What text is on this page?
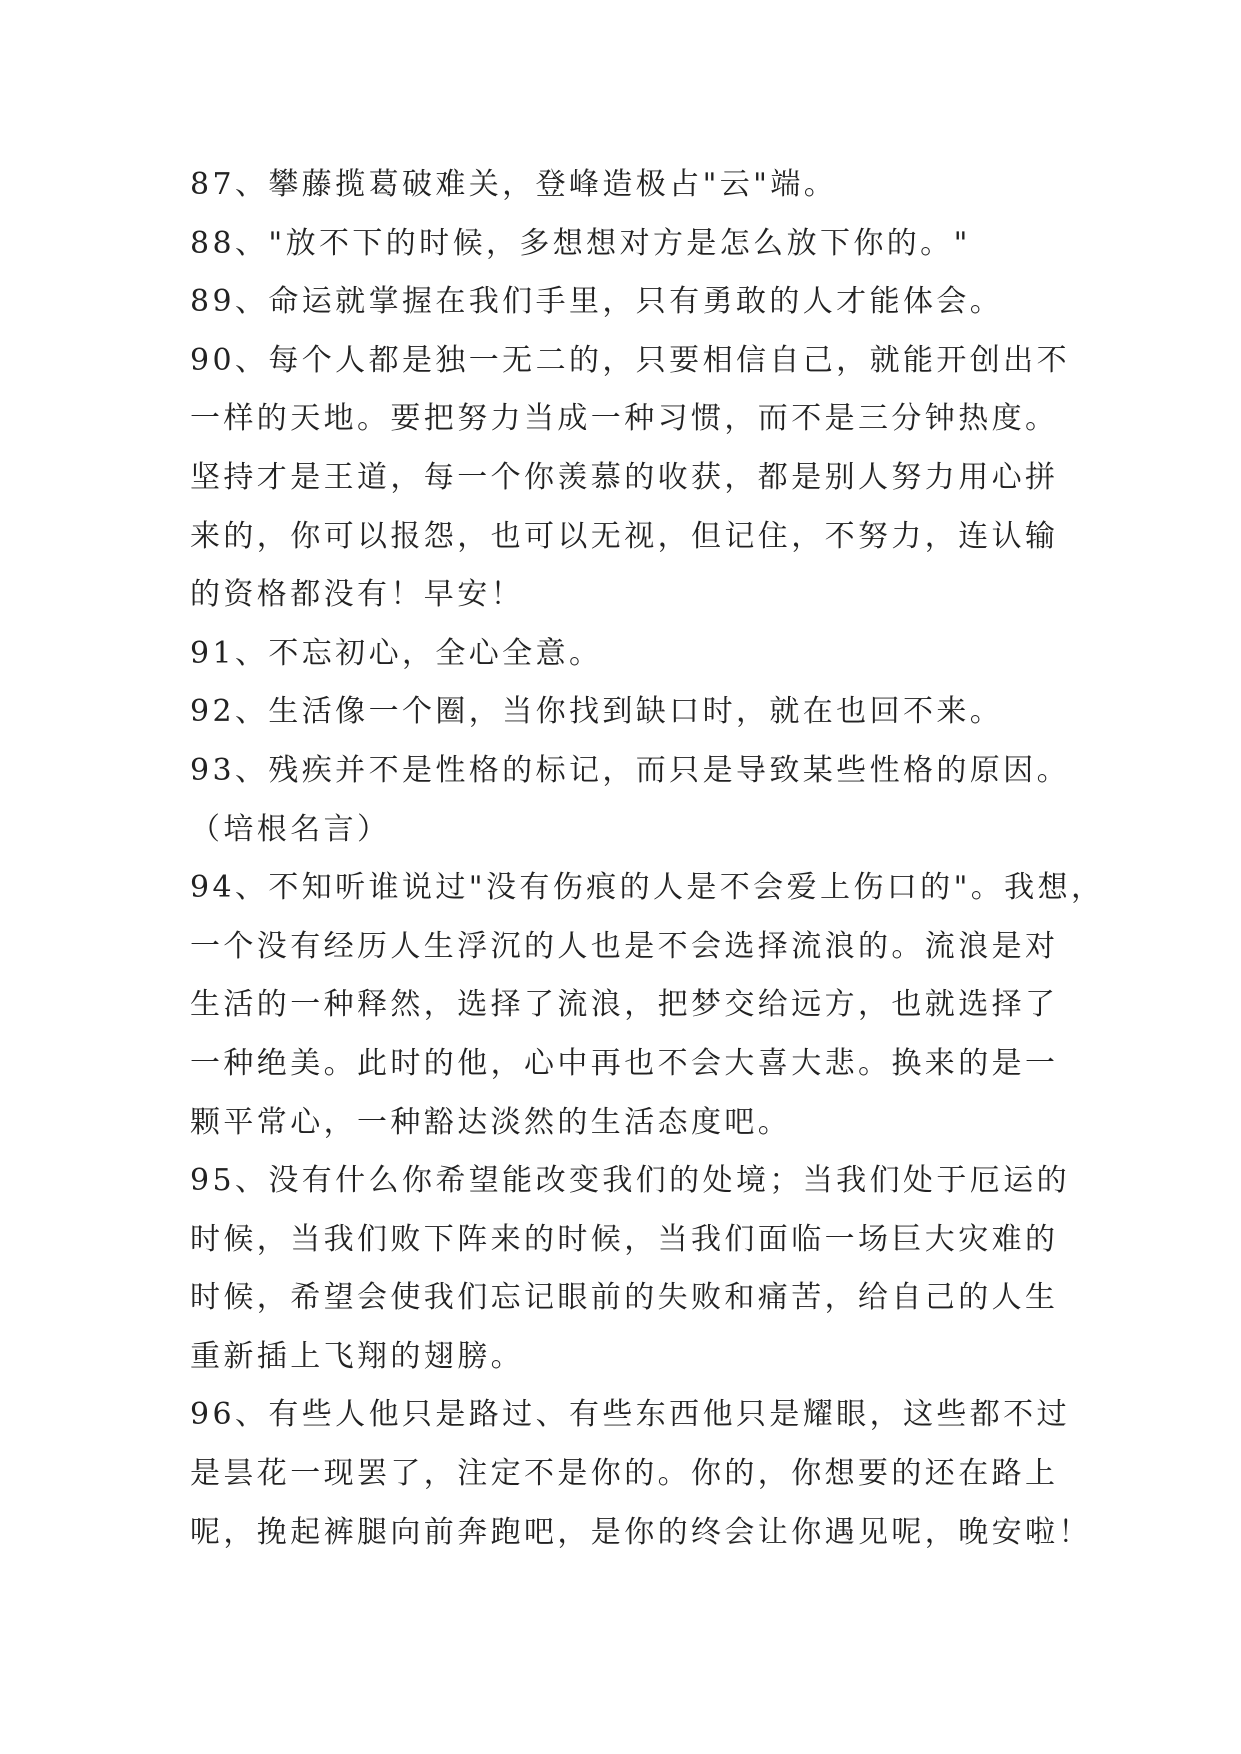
87、攀藤揽葛破难关，登峰造极占"云"端。
88、"放不下的时候，多想想对方是怎么放下你的。"
89、命运就掌握在我们手里，只有勇敢的人才能体会。
90、每个人都是独一无二的，只要相信自己，就能开创出不
一样的天地。要把努力当成一种习惯，而不是三分钟热度。
坚持才是王道，每一个你羡慕的收获，都是别人努力用心拼
来的，你可以报怨，也可以无视，但记住，不努力，连认输
的资格都没有！早安！
91、不忘初心，全心全意。
92、生活像一个圈，当你找到缺口时，就在也回不来。
93、残疾并不是性格的标记，而只是导致某些性格的原因。
（培根名言）
94、不知听谁说过"没有伤痕的人是不会爱上伤口的"。我想，
一个没有经历人生浮沉的人也是不会选择流浪的。流浪是对
生活的一种释然，选择了流浪，把梦交给远方，也就选择了
一种绝美。此时的他，心中再也不会大喜大悲。换来的是一
颗平常心，一种豁达淡然的生活态度吧。
95、没有什么你希望能改变我们的处境；当我们处于厄运的
时候，当我们败下阵来的时候，当我们面临一场巨大灾难的
时候，希望会使我们忘记眼前的失败和痛苦，给自己的人生
重新插上飞翔的翅膀。
96、有些人他只是路过、有些东西他只是耀眼，这些都不过
是昙花一现罢了，注定不是你的。你的，你想要的还在路上
呢，挽起裤腿向前奔跑吧，是你的终会让你遇见呢，晚安啦！
